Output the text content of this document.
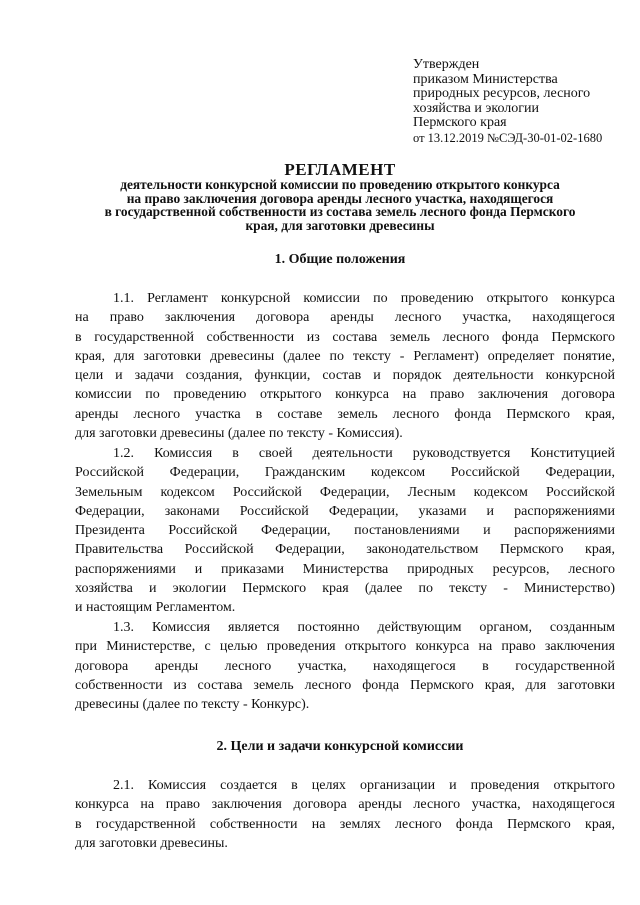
Утвержден
приказом Министерства
природных ресурсов, лесного
хозяйства и экологии
Пермского края
от 13.12.2019 №СЭД-30-01-02-1680
РЕГЛАМЕНТ
деятельности конкурсной комиссии по проведению открытого конкурса
на право заключения договора аренды лесного участка, находящегося
в государственной собственности из состава земель лесного фонда Пермского
края, для заготовки древесины
1. Общие положения
1.1. Регламент конкурсной комиссии по проведению открытого конкурса
на право заключения договора аренды лесного участка, находящегося
в государственной собственности из состава земель лесного фонда Пермского
края, для заготовки древесины (далее по тексту - Регламент) определяет понятие,
цели и задачи создания, функции, состав и порядок деятельности конкурсной
комиссии по проведению открытого конкурса на право заключения договора
аренды лесного участка в составе земель лесного фонда Пермского края,
для заготовки древесины (далее по тексту - Комиссия).
1.2. Комиссия в своей деятельности руководствуется Конституцией
Российской Федерации, Гражданским кодексом Российской Федерации,
Земельным кодексом Российской Федерации, Лесным кодексом Российской
Федерации, законами Российской Федерации, указами и распоряжениями
Президента Российской Федерации, постановлениями и распоряжениями
Правительства Российской Федерации, законодательством Пермского края,
распоряжениями и приказами Министерства природных ресурсов, лесного
хозяйства и экологии Пермского края (далее по тексту - Министерство)
и настоящим Регламентом.
1.3. Комиссия является постоянно действующим органом, созданным
при Министерстве, с целью проведения открытого конкурса на право заключения
договора аренды лесного участка, находящегося в государственной
собственности из состава земель лесного фонда Пермского края, для заготовки
древесины (далее по тексту - Конкурс).
2. Цели и задачи конкурсной комиссии
2.1. Комиссия создается в целях организации и проведения открытого
конкурса на право заключения договора аренды лесного участка, находящегося
в государственной собственности на землях лесного фонда Пермского края,
для заготовки древесины.
